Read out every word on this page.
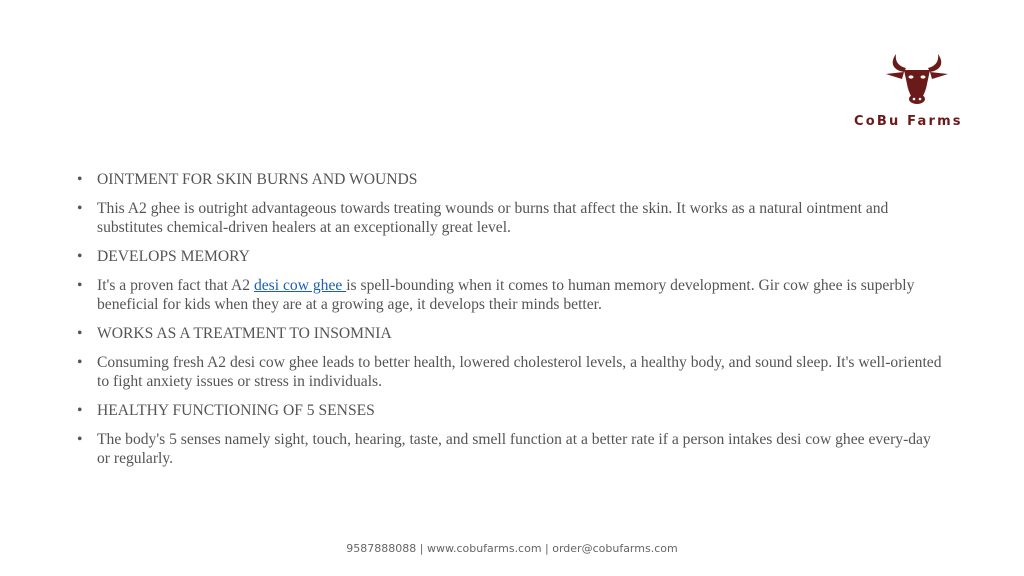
CoBu Farms
• OINTMENT FOR SKIN BURNS AND WOUNDS
• This A2 ghee is outright advantageous towards treating wounds or burns that affect the skin. It works as a natural ointment and substitutes chemical-driven healers at an exceptionally great level.
• DEVELOPS MEMORY
• It's a proven fact that A2 desi cow ghee is spell-bounding when it comes to human memory development. Gir cow ghee is superbly beneficial for kids when they are at a growing age, it develops their minds better.
• WORKS AS A TREATMENT TO INSOMNIA
• Consuming fresh A2 desi cow ghee leads to better health, lowered cholesterol levels, a healthy body, and sound sleep. It's well-oriented to fight anxiety issues or stress in individuals.
• HEALTHY FUNCTIONING OF 5 SENSES
• The body's 5 senses namely sight, touch, hearing, taste, and smell function at a better rate if a person intakes desi cow ghee every-day or regularly.
9587888088 | www.cobufarms.com | order@cobufarms.com
